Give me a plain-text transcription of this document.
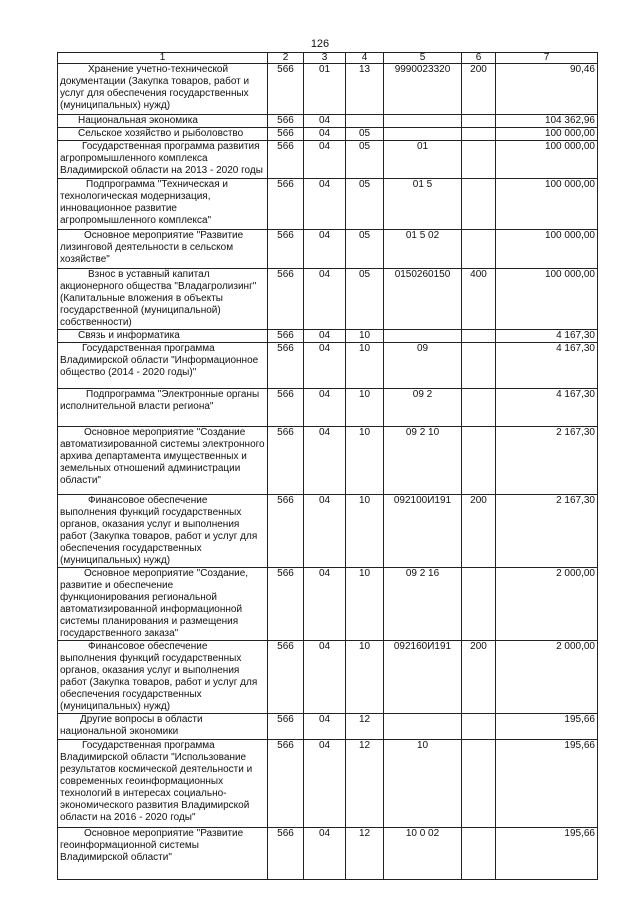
126
1	2	3	4	5	6	7
Хранение учетно-технической документации (Закупка товаров, работ и услуг для обеспечения государственных (муниципальных) нужд)	566	01	13	9990023320	200	90,46
Национальная экономика	566	04				104 362,96
Сельское хозяйство и рыболовство	566	04	05			100 000,00
Государственная программа развития агропромышленного комплекса Владимирской области на 2013 - 2020 годы	566	04	05	01		100 000,00
Подпрограмма "Техническая и технологическая модернизация, инновационное развитие агропромышленного комплекса"	566	04	05	01 5		100 000,00
Основное мероприятие "Развитие лизинговой деятельности в сельском хозяйстве"	566	04	05	01 5 02		100 000,00
Взнос в уставный капитал акционерного общества "Владагролизинг" (Капитальные вложения в объекты государственной (муниципальной) собственности)	566	04	05	0150260150	400	100 000,00
Связь и информатика	566	04	10			4 167,30
Государственная программа Владимирской области "Информационное общество (2014 - 2020 годы)"	566	04	10	09		4 167,30
Подпрограмма "Электронные органы исполнительной власти региона"	566	04	10	09 2		4 167,30
Основное мероприятие "Создание автоматизированной системы электронного архива департамента имущественных и земельных отношений администрации области"	566	04	10	09 2 10		2 167,30
Финансовое обеспечение выполнения функций государственных органов, оказания услуг и выполнения работ (Закупка товаров, работ и услуг для обеспечения государственных (муниципальных) нужд)	566	04	10	092100И191	200	2 167,30
Основное мероприятие "Создание, развитие и обеспечение функционирования региональной автоматизированной информационной системы планирования и размещения государственного заказа"	566	04	10	09 2 16		2 000,00
Финансовое обеспечение выполнения функций государственных органов, оказания услуг и выполнения работ (Закупка товаров, работ и услуг для обеспечения государственных (муниципальных) нужд)	566	04	10	092160И191	200	2 000,00
Другие вопросы в области национальной экономики	566	04	12			195,66
Государственная программа Владимирской области "Использование результатов космической деятельности и современных геоинформационных технологий в интересах социально-экономического развития Владимирской области на 2016 - 2020 годы"	566	04	12	10		195,66
Основное мероприятие "Развитие геоинформационной системы Владимирской области"	566	04	12	10 0 02		195,66
